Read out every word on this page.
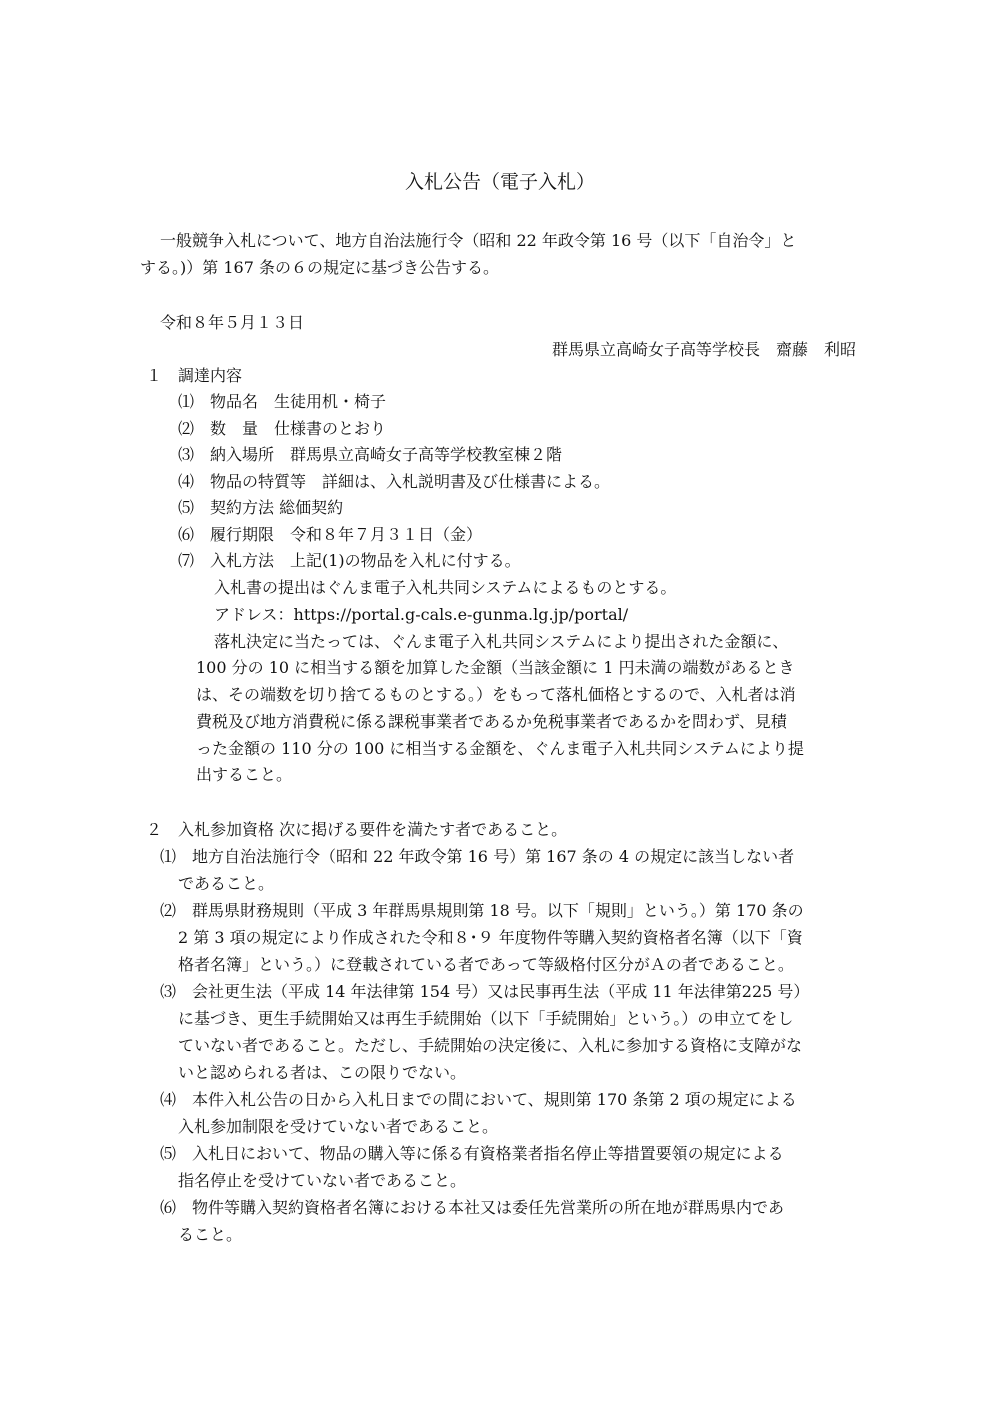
入札公告（電子入札）
一般競争入札について、地方自治法施行令（昭和 22 年政令第 16 号（以下「自治令」と
する。)）第 167 条の６の規定に基づき公告する。
令和８年５月１３日
群馬県立高崎女子高等学校長　齋藤　利昭
１　調達内容
⑴　物品名　生徒用机・椅子
⑵　数　量　仕様書のとおり
⑶　納入場所　群馬県立高崎女子高等学校教室棟２階
⑷　物品の特質等　詳細は、入札説明書及び仕様書による。
⑸　契約方法 総価契約
⑹　履行期限　令和８年７月３１日（金）
⑺　入札方法　上記(1)の物品を入札に付する。
入札書の提出はぐんま電子入札共同システムによるものとする。
アドレス：https://portal.g-cals.e-gunma.lg.jp/portal/
落札決定に当たっては、ぐんま電子入札共同システムにより提出された金額に、
100 分の 10 に相当する額を加算した金額（当該金額に 1 円未満の端数があるとき
は、その端数を切り捨てるものとする。）をもって落札価格とするので、入札者は消
費税及び地方消費税に係る課税事業者であるか免税事業者であるかを問わず、見積
った金額の 110 分の 100 に相当する金額を、ぐんま電子入札共同システムにより提
出すること。
２　入札参加資格 次に掲げる要件を満たす者であること。
⑴　地方自治法施行令（昭和 22 年政令第 16 号）第 167 条の 4 の規定に該当しない者
であること。
⑵　群馬県財務規則（平成 3 年群馬県規則第 18 号。以下「規則」という。）第 170 条の
2 第 3 項の規定により作成された令和８･９ 年度物件等購入契約資格者名簿（以下「資
格者名簿」という。）に登載されている者であって等級格付区分がＡの者であること。
⑶　会社更生法（平成 14 年法律第 154 号）又は民事再生法（平成 11 年法律第225 号）
に基づき、更生手続開始又は再生手続開始（以下「手続開始」という。）の申立てをし
ていない者であること。ただし、手続開始の決定後に、入札に参加する資格に支障がな
いと認められる者は、この限りでない。
⑷　本件入札公告の日から入札日までの間において、規則第 170 条第 2 項の規定による
入札参加制限を受けていない者であること。
⑸　入札日において、物品の購入等に係る有資格業者指名停止等措置要領の規定による
指名停止を受けていない者であること。
⑹　物件等購入契約資格者名簿における本社又は委任先営業所の所在地が群馬県内であ
ること。
